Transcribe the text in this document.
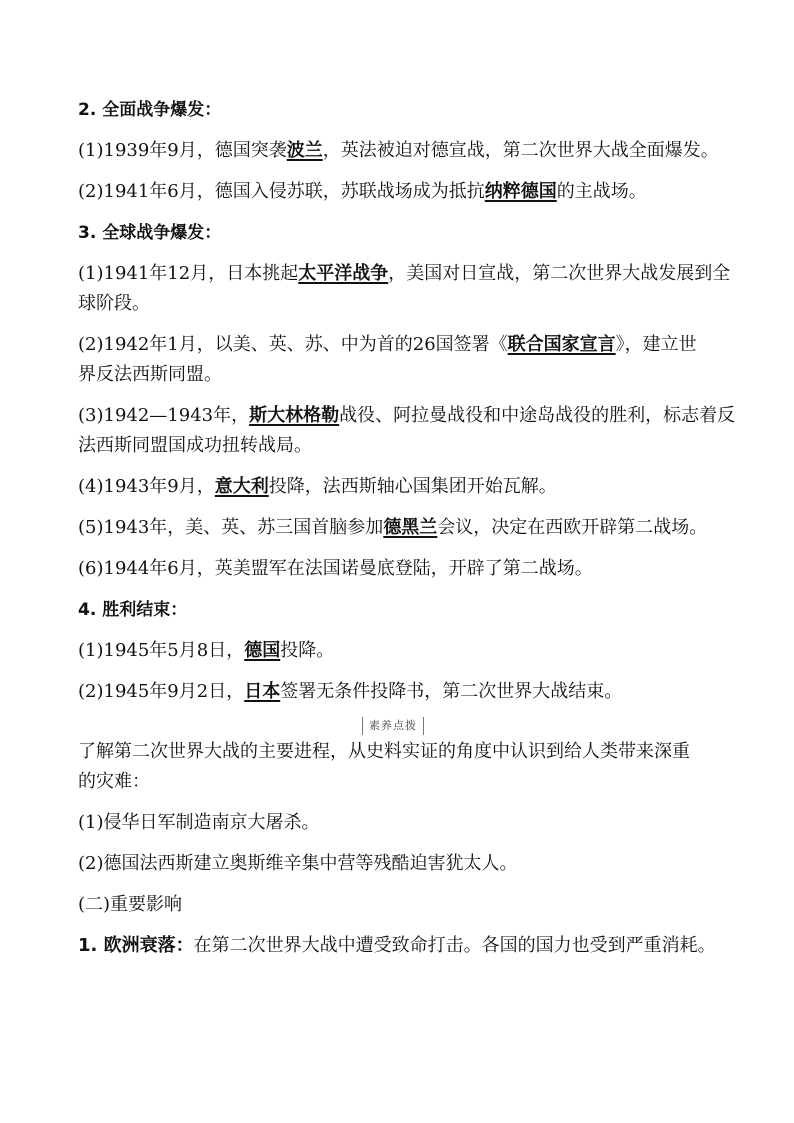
2. 全面战争爆发：

(1)1939年9月，德国突袭波兰，英法被迫对德宣战，第二次世界大战全面爆发。

(2)1941年6月，德国入侵苏联，苏联战场成为抵抗纳粹德国的主战场。

3. 全球战争爆发：

(1)1941年12月，日本挑起太平洋战争，美国对日宣战，第二次世界大战发展到全

球阶段。

(2)1942年1月，以美、英、苏、中为首的26国签署《联合国家宣言》，建立世

界反法西斯同盟。

(3)1942—1943年，斯大林格勒战役、阿拉曼战役和中途岛战役的胜利，标志着反

法西斯同盟国成功扭转战局。

(4)1943年9月，意大利投降，法西斯轴心国集团开始瓦解。

(5)1943年，美、英、苏三国首脑参加德黑兰会议，决定在西欧开辟第二战场。

(6)1944年6月，英美盟军在法国诺曼底登陆，开辟了第二战场。

4. 胜利结束：

(1)1945年5月8日，德国投降。

(2)1945年9月2日，日本签署无条件投降书，第二次世界大战结束。

素养点拨

了解第二次世界大战的主要进程，从史料实证的角度中认识到给人类带来深重

的灾难：

(1)侵华日军制造南京大屠杀。

(2)德国法西斯建立奥斯维辛集中营等残酷迫害犹太人。

(二)重要影响

1. 欧洲衰落：在第二次世界大战中遭受致命打击。各国的国力也受到严重消耗。
